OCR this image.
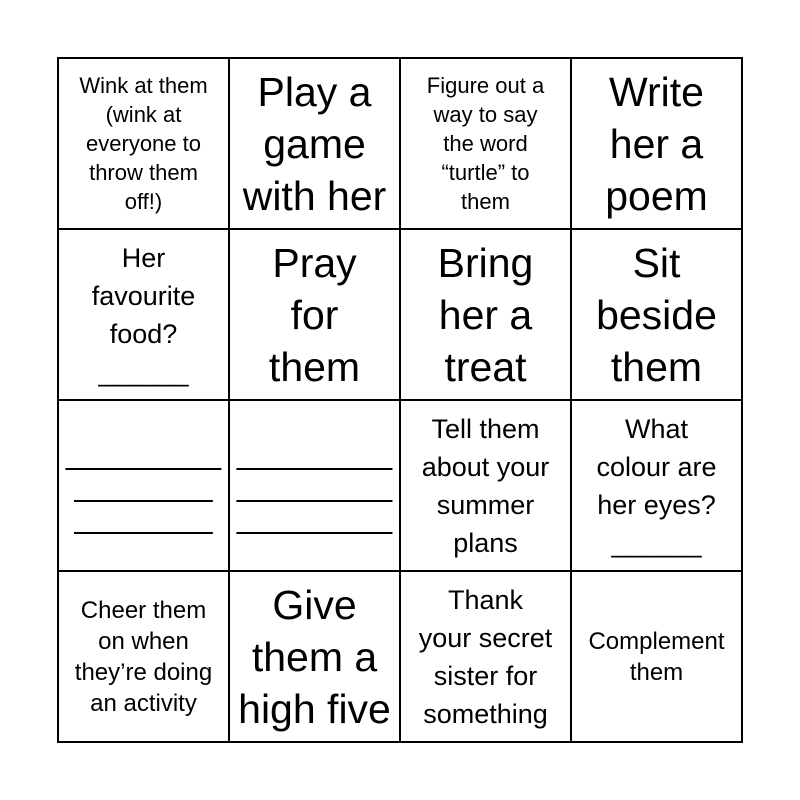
Wink at them
(wink at
everyone to
throw them
off!)
Play a
game
with her
Figure out a
way to say
the word
“turtle” to
them
Write
her a
poem
Her
favourite
food?
______
Pray
for
them
Bring
her a
treat
Sit
beside
them
_________
________
________
_________
_________
_________
Tell them
about your
summer
plans
What
colour are
her eyes?
______
Cheer them
on when
they’re doing
an activity
Give
them a
high five
Thank
your secret
sister for
something
Complement
them
